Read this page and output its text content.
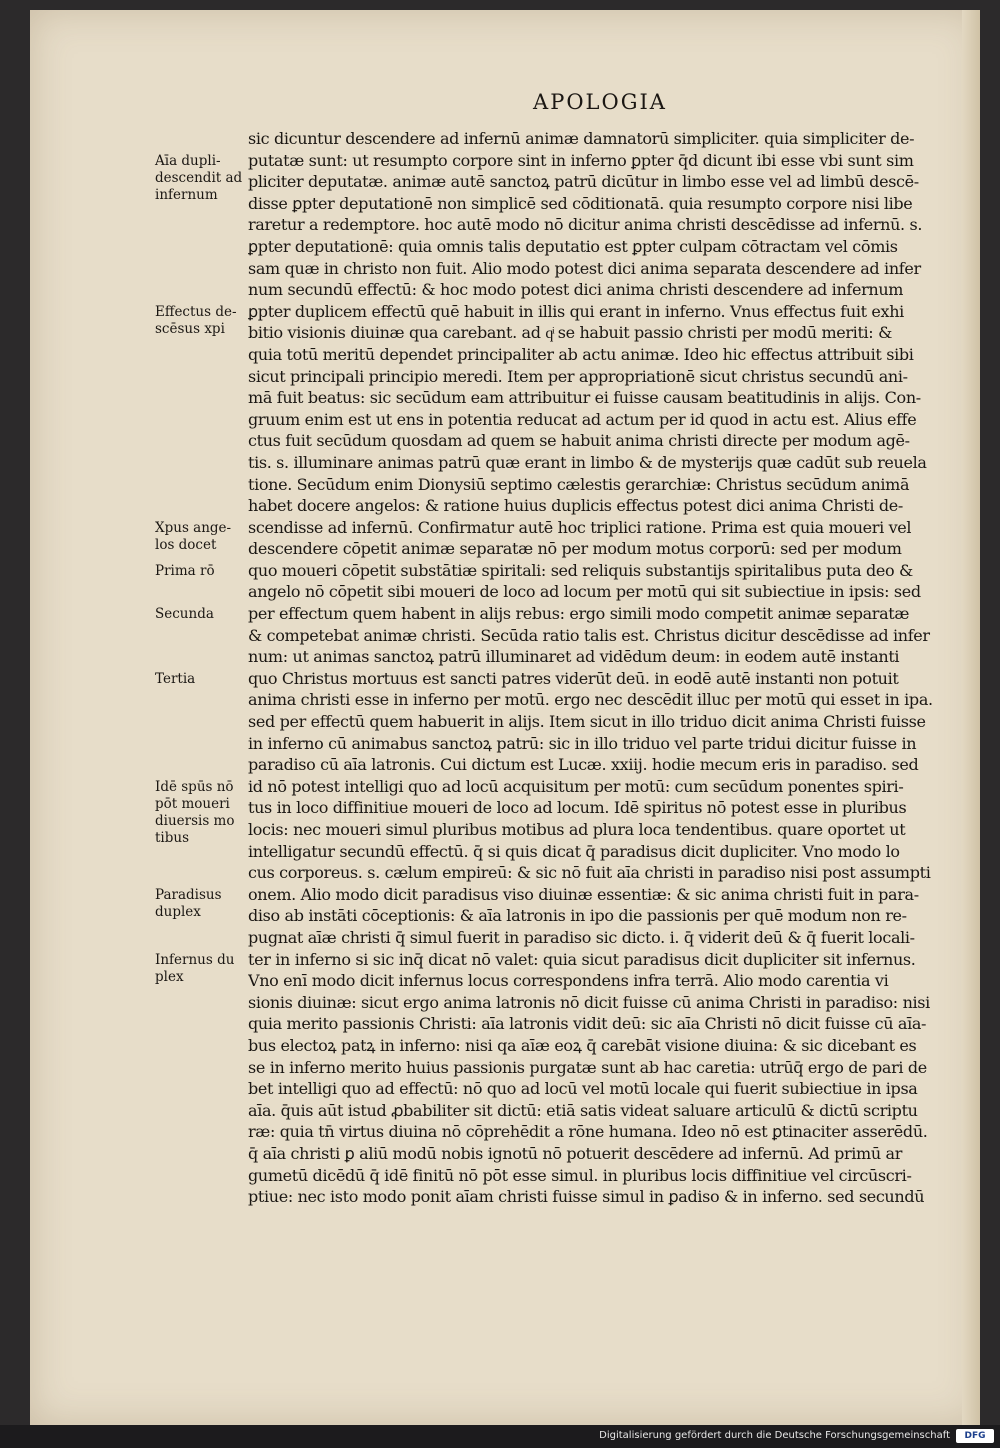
APOLOGIA
sic dicuntur descendere ad infernū animæ damnatorū simpliciter. quia simpliciter de-
putatæ sunt: ut resumpto corpore sint in inferno ꝑpter q̄d dicunt ibi esse vbi sunt sim
pliciter deputatæ. animæ autē sanctoꝝ patrū dicūtur in limbo esse vel ad limbū descē-
disse ꝑpter deputationē non simplicē sed cōditionatā. quia resumpto corpore nisi libe
raretur a redemptore. hoc autē modo nō dicitur anima christi descēdisse ad infernū. s.
ꝑpter deputationē: quia omnis talis deputatio est ꝑpter culpam cōtractam vel cōmis
sam quæ in christo non fuit. Alio modo potest dici anima separata descendere ad infer
num secundū effectū: & hoc modo potest dici anima christi descendere ad infernum
ꝑpter duplicem effectū quē habuit in illis qui erant in inferno. Vnus effectus fuit exhi
bitio visionis diuinæ qua carebant. ad qͥ se habuit passio christi per modū meriti: &
quia totū meritū dependet principaliter ab actu animæ. Ideo hic effectus attribuit sibi
sicut principali principio meredi. Item per appropriationē sicut christus secundū ani-
mā fuit beatus: sic secūdum eam attribuitur ei fuisse causam beatitudinis in alijs. Con-
gruum enim est ut ens in potentia reducat ad actum per id quod in actu est. Alius effe
ctus fuit secūdum quosdam ad quem se habuit anima christi directe per modum agē-
tis. s. illuminare animas patrū quæ erant in limbo & de mysterijs quæ cadūt sub reuela
tione. Secūdum enim Dionysiū septimo cælestis gerarchiæ: Christus secūdum animā
habet docere angelos: & ratione huius duplicis effectus potest dici anima Christi de-
scendisse ad infernū. Confirmatur autē hoc triplici ratione. Prima est quia moueri vel
descendere cōpetit animæ separatæ nō per modum motus corporū: sed per modum
quo moueri cōpetit substātiæ spiritali: sed reliquis substantijs spiritalibus puta deo &
angelo nō cōpetit sibi moueri de loco ad locum per motū qui sit subiectiue in ipsis: sed
per effectum quem habent in alijs rebus: ergo simili modo competit animæ separatæ
& competebat animæ christi. Secūda ratio talis est. Christus dicitur descēdisse ad infer
num: ut animas sanctoꝝ patrū illuminaret ad vidēdum deum: in eodem autē instanti
quo Christus mortuus est sancti patres viderūt deū. in eodē autē instanti non potuit
anima christi esse in inferno per motū. ergo nec descēdit illuc per motū qui esset in ipa.
sed per effectū quem habuerit in alijs. Item sicut in illo triduo dicit anima Christi fuisse
in inferno cū animabus sanctoꝝ patrū: sic in illo triduo vel parte tridui dicitur fuisse in
paradiso cū aīa latronis. Cui dictum est Lucæ. xxiij. hodie mecum eris in paradiso. sed
id nō potest intelligi quo ad locū acquisitum per motū: cum secūdum ponentes spiri-
tus in loco diffinitiue moueri de loco ad locum. Idē spiritus nō potest esse in pluribus
locis: nec moueri simul pluribus motibus ad plura loca tendentibus. quare oportet ut
intelligatur secundū effectū. q̄ si quis dicat q̄ paradisus dicit dupliciter. Vno modo lo
cus corporeus. s. cælum empireū: & sic nō fuit aīa christi in paradiso nisi post assumpti
onem. Alio modo dicit paradisus viso diuinæ essentiæ: & sic anima christi fuit in para-
diso ab instāti cōceptionis: & aīa latronis in ipo die passionis per quē modum non re-
pugnat aīæ christi q̄ simul fuerit in paradiso sic dicto. i. q̄ viderit deū & q̄ fuerit locali-
ter in inferno si sic inq̄ dicat nō valet: quia sicut paradisus dicit dupliciter sit infernus.
Vno enī modo dicit infernus locus correspondens infra terrā. Alio modo carentia vi
sionis diuinæ: sicut ergo anima latronis nō dicit fuisse cū anima Christi in paradiso: nisi
quia merito passionis Christi: aīa latronis vidit deū: sic aīa Christi nō dicit fuisse cū aīa-
bus electoꝝ patꝝ in inferno: nisi qa aīæ eoꝝ q̄ carebāt visione diuina: & sic dicebant es
se in inferno merito huius passionis purgatæ sunt ab hac caretia: utrūq̄ ergo de pari de
bet intelligi quo ad effectū: nō quo ad locū vel motū locale qui fuerit subiectiue in ipsa
aīa. q̄uis aūt istud ꝓbabiliter sit dictū: etiā satis videat saluare articulū & dictū scriptu
ræ: quia tn̄ virtus diuina nō cōprehēdit a rōne humana. Ideo nō est ꝑtinaciter asserēdū.
q̄ aīa christi ꝑ aliū modū nobis ignotū nō potuerit descēdere ad infernū. Ad primū ar
gumetū dicēdū q̄ idē finitū nō pōt esse simul. in pluribus locis diffinitiue vel circūscri-
ptiue: nec isto modo ponit aīam christi fuisse simul in ꝑadiso & in inferno. sed secundū
Aīa dupli-
descendit ad
infernum
Effectus de-
scēsus xpi
Xpus ange-
los docet
Prima rō
Secunda
Tertia
Idē spūs nō
pōt moueri
diuersis mo
tibus
Paradisus
duplex
Infernus du
plex
Digitalisierung gefördert durch die Deutsche Forschungsgemeinschaft	DFG
